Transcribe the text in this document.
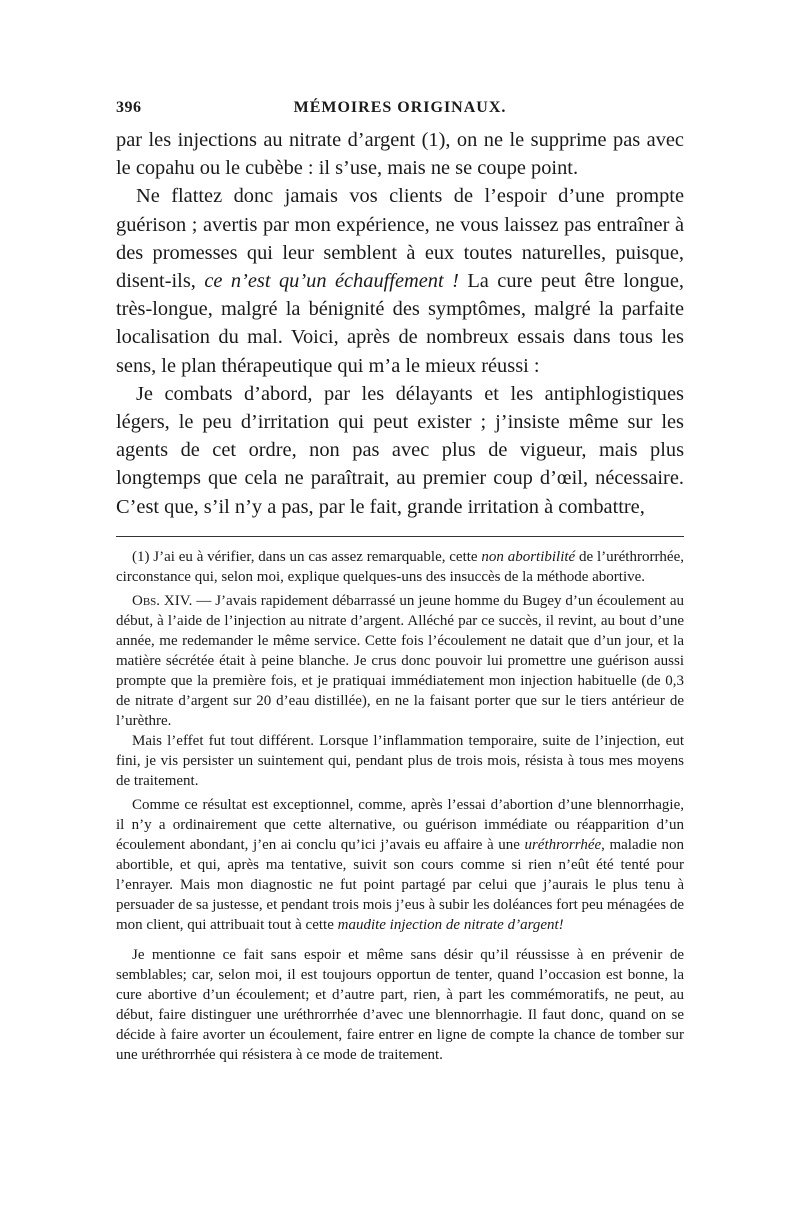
396	MÉMOIRES ORIGINAUX.

par les injections au nitrate d’argent (1), on ne le supprime pas avec le copahu ou le cubèbe : il s’use, mais ne se coupe point.

Ne flattez donc jamais vos clients de l’espoir d’une prompte guérison ; avertis par mon expérience, ne vous laissez pas entraîner à des promesses qui leur semblent à eux toutes naturelles, puisque, disent-ils, ce n’est qu’un échauffement ! La cure peut être longue, très-longue, malgré la bénignité des symptômes, malgré la parfaite localisation du mal. Voici, après de nombreux essais dans tous les sens, le plan thérapeutique qui m’a le mieux réussi :

Je combats d’abord, par les délayants et les antiphlogistiques légers, le peu d’irritation qui peut exister ; j’insiste même sur les agents de cet ordre, non pas avec plus de vigueur, mais plus longtemps que cela ne paraîtrait, au premier coup d’œil, nécessaire. C’est que, s’il n’y a pas, par le fait, grande irritation à combattre,

(1) J’ai eu à vérifier, dans un cas assez remarquable, cette non abortibilité de l’uréthrorrhée, circonstance qui, selon moi, explique quelques-uns des insuccès de la méthode abortive.

Obs. XIV. — J’avais rapidement débarrassé un jeune homme du Bugey d’un écoulement au début, à l’aide de l’injection au nitrate d’argent. Alléché par ce succès, il revint, au bout d’une année, me redemander le même service. Cette fois l’écoulement ne datait que d’un jour, et la matière sécrétée était à peine blanche. Je crus donc pouvoir lui promettre une guérison aussi prompte que la première fois, et je pratiquai immédiatement mon injection habituelle (de 0,3 de nitrate d’argent sur 20 d’eau distillée), en ne la faisant porter que sur le tiers antérieur de l’urèthre.

Mais l’effet fut tout différent. Lorsque l’inflammation temporaire, suite de l’injection, eut fini, je vis persister un suintement qui, pendant plus de trois mois, résista à tous mes moyens de traitement.

Comme ce résultat est exceptionnel, comme, après l’essai d’abortion d’une blennorrhagie, il n’y a ordinairement que cette alternative, ou guérison immédiate ou réapparition d’un écoulement abondant, j’en ai conclu qu’ici j’avais eu affaire à une uréthrorrhée, maladie non abortible, et qui, après ma tentative, suivit son cours comme si rien n’eût été tenté pour l’enrayer. Mais mon diagnostic ne fut point partagé par celui que j’aurais le plus tenu à persuader de sa justesse, et pendant trois mois j’eus à subir les doléances fort peu ménagées de mon client, qui attribuait tout à cette maudite injection de nitrate d’argent!

Je mentionne ce fait sans espoir et même sans désir qu’il réussisse à en prévenir de semblables; car, selon moi, il est toujours opportun de tenter, quand l’occasion est bonne, la cure abortive d’un écoulement; et d’autre part, rien, à part les commémoratifs, ne peut, au début, faire distinguer une uréthrorrhée d’avec une blennorrhagie. Il faut donc, quand on se décide à faire avorter un écoulement, faire entrer en ligne de compte la chance de tomber sur une uréthrorrhée qui résistera à ce mode de traitement.
